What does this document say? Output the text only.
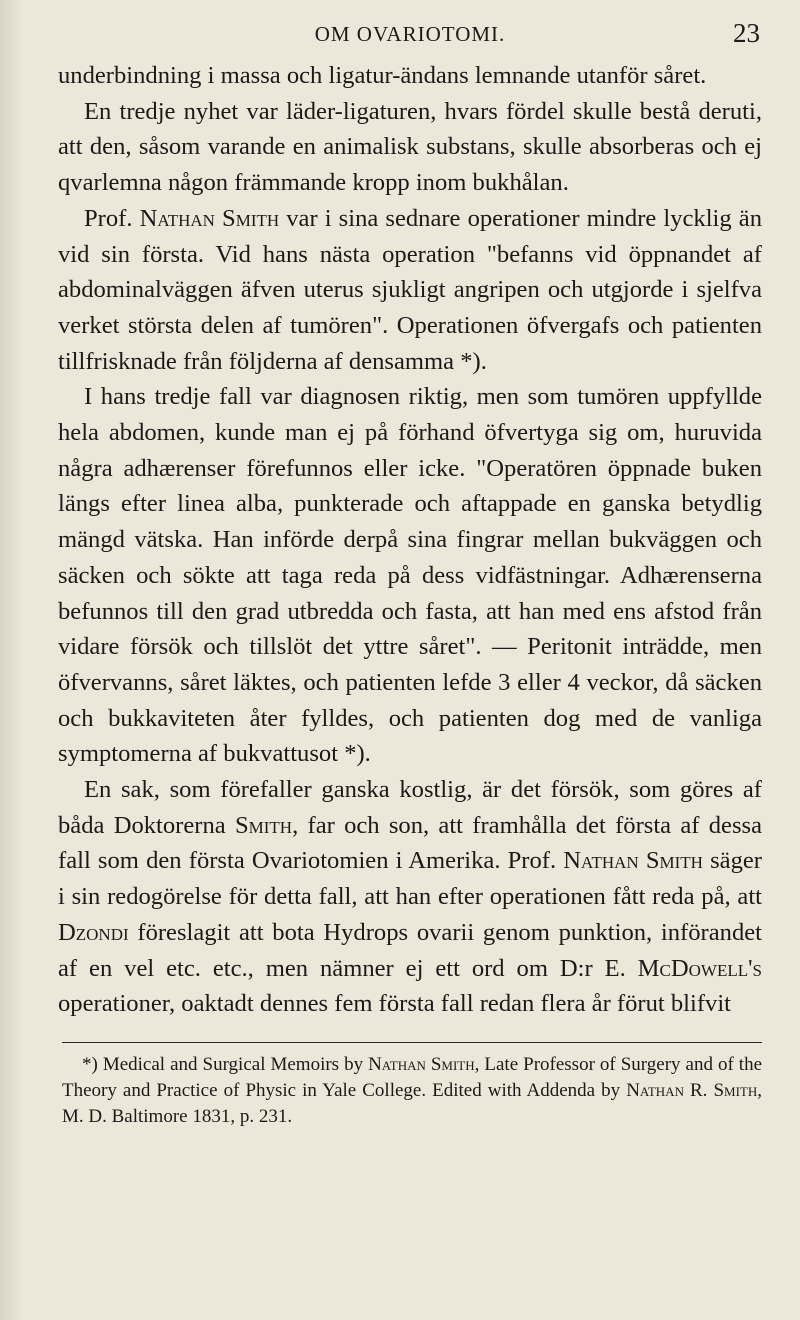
OM OVARIOTOMI.	23

underbindning i massa och ligatur-ändans lemnande utanför såret.

En tredje nyhet var läder-ligaturen, hvars fördel skulle bestå deruti, att den, såsom varande en animalisk substans, skulle absorberas och ej qvarlemna någon främmande kropp inom bukhålan.

Prof. Nathan Smith var i sina sednare operationer mindre lycklig än vid sin första. Vid hans nästa operation "befanns vid öppnandet af abdominalväggen äfven uterus sjukligt angripen och utgjorde i sjelfva verket största delen af tumören". Operationen öfvergafs och patienten tillfrisknade från följderna af densamma *).

I hans tredje fall var diagnosen riktig, men som tumören uppfyllde hela abdomen, kunde man ej på förhand öfvertyga sig om, huruvida några adhærenser förefunnos eller icke. "Operatören öppnade buken längs efter linea alba, punkterade och aftappade en ganska betydlig mängd vätska. Han införde derpå sina fingrar mellan bukväggen och säcken och sökte att taga reda på dess vidfästningar. Adhærenserna befunnos till den grad utbredda och fasta, att han med ens afstod från vidare försök och tillslöt det yttre såret". — Peritonit inträdde, men öfvervanns, såret läktes, och patienten lefde 3 eller 4 veckor, då säcken och bukkaviteten åter fylldes, och patienten dog med de vanliga symptomerna af bukvattusot *).

En sak, som förefaller ganska kostlig, är det försök, som göres af båda Doktorerna Smith, far och son, att framhålla det första af dessa fall som den första Ovariotomien i Amerika. Prof. Nathan Smith säger i sin redogörelse för detta fall, att han efter operationen fått reda på, att Dzondi föreslagit att bota Hydrops ovarii genom punktion, införandet af en vel etc. etc., men nämner ej ett ord om D:r E. McDowell's operationer, oaktadt dennes fem första fall redan flera år förut blifvit

*) Medical and Surgical Memoirs by Nathan Smith, Late Professor of Surgery and of the Theory and Practice of Physic in Yale College. Edited with Addenda by Nathan R. Smith, M. D. Baltimore 1831, p. 231.
